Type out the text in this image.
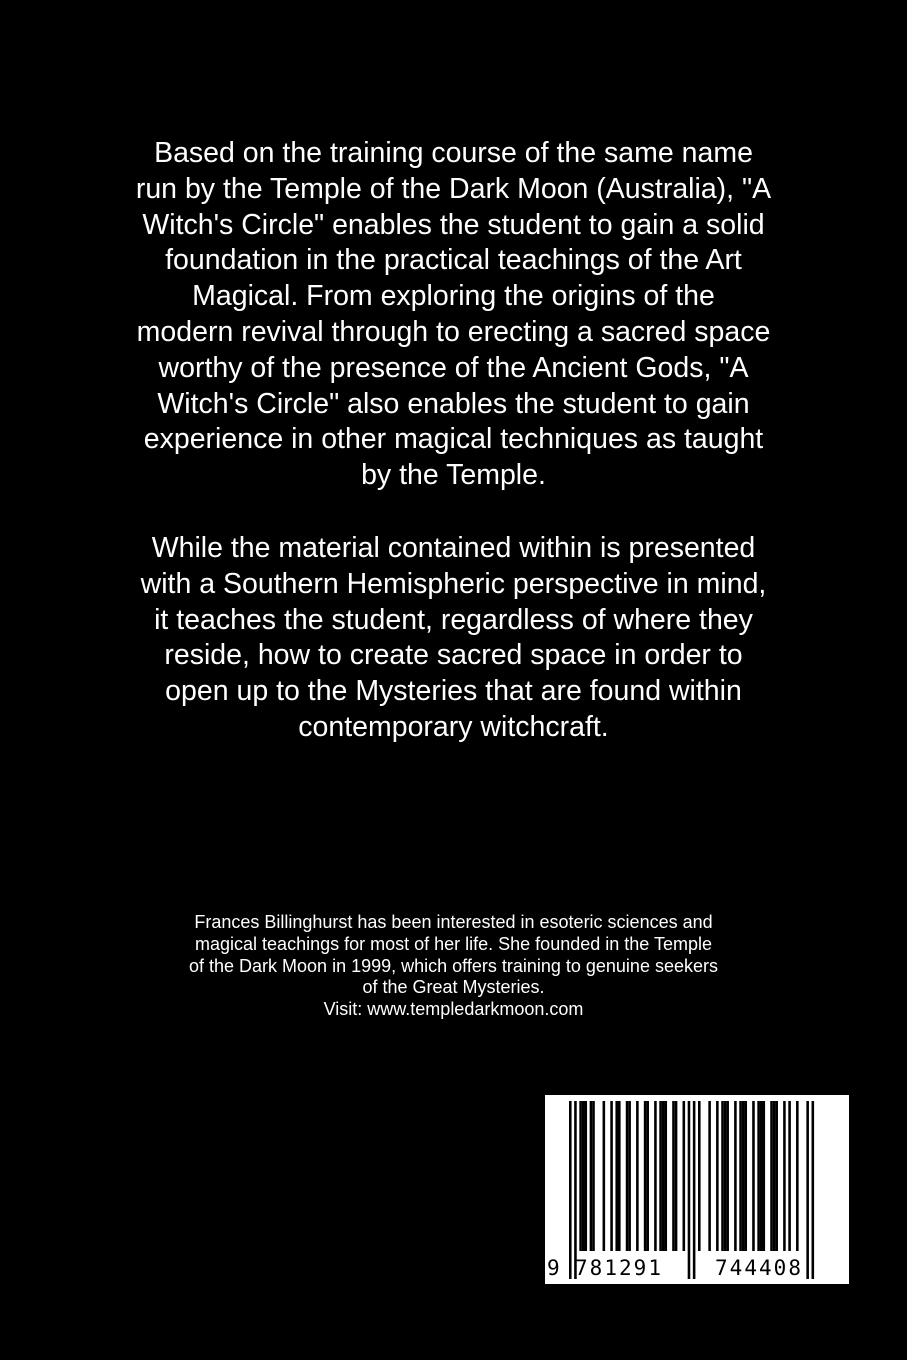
Based on the training course of the same name
run by the Temple of the Dark Moon (Australia), "A
Witch's Circle" enables the student to gain a solid
foundation in the practical teachings of the Art
Magical. From exploring the origins of the
modern revival through to erecting a sacred space
worthy of the presence of the Ancient Gods, "A
Witch's Circle" also enables the student to gain
experience in other magical techniques as taught
by the Temple.
While the material contained within is presented
with a Southern Hemispheric perspective in mind,
it teaches the student, regardless of where they
reside, how to create sacred space in order to
open up to the Mysteries that are found within
contemporary witchcraft.
Frances Billinghurst has been interested in esoteric sciences and
magical teachings for most of her life. She founded in the Temple
of the Dark Moon in 1999, which offers training to genuine seekers
of the Great Mysteries.
Visit: www.templedarkmoon.com
9 781291	744408
